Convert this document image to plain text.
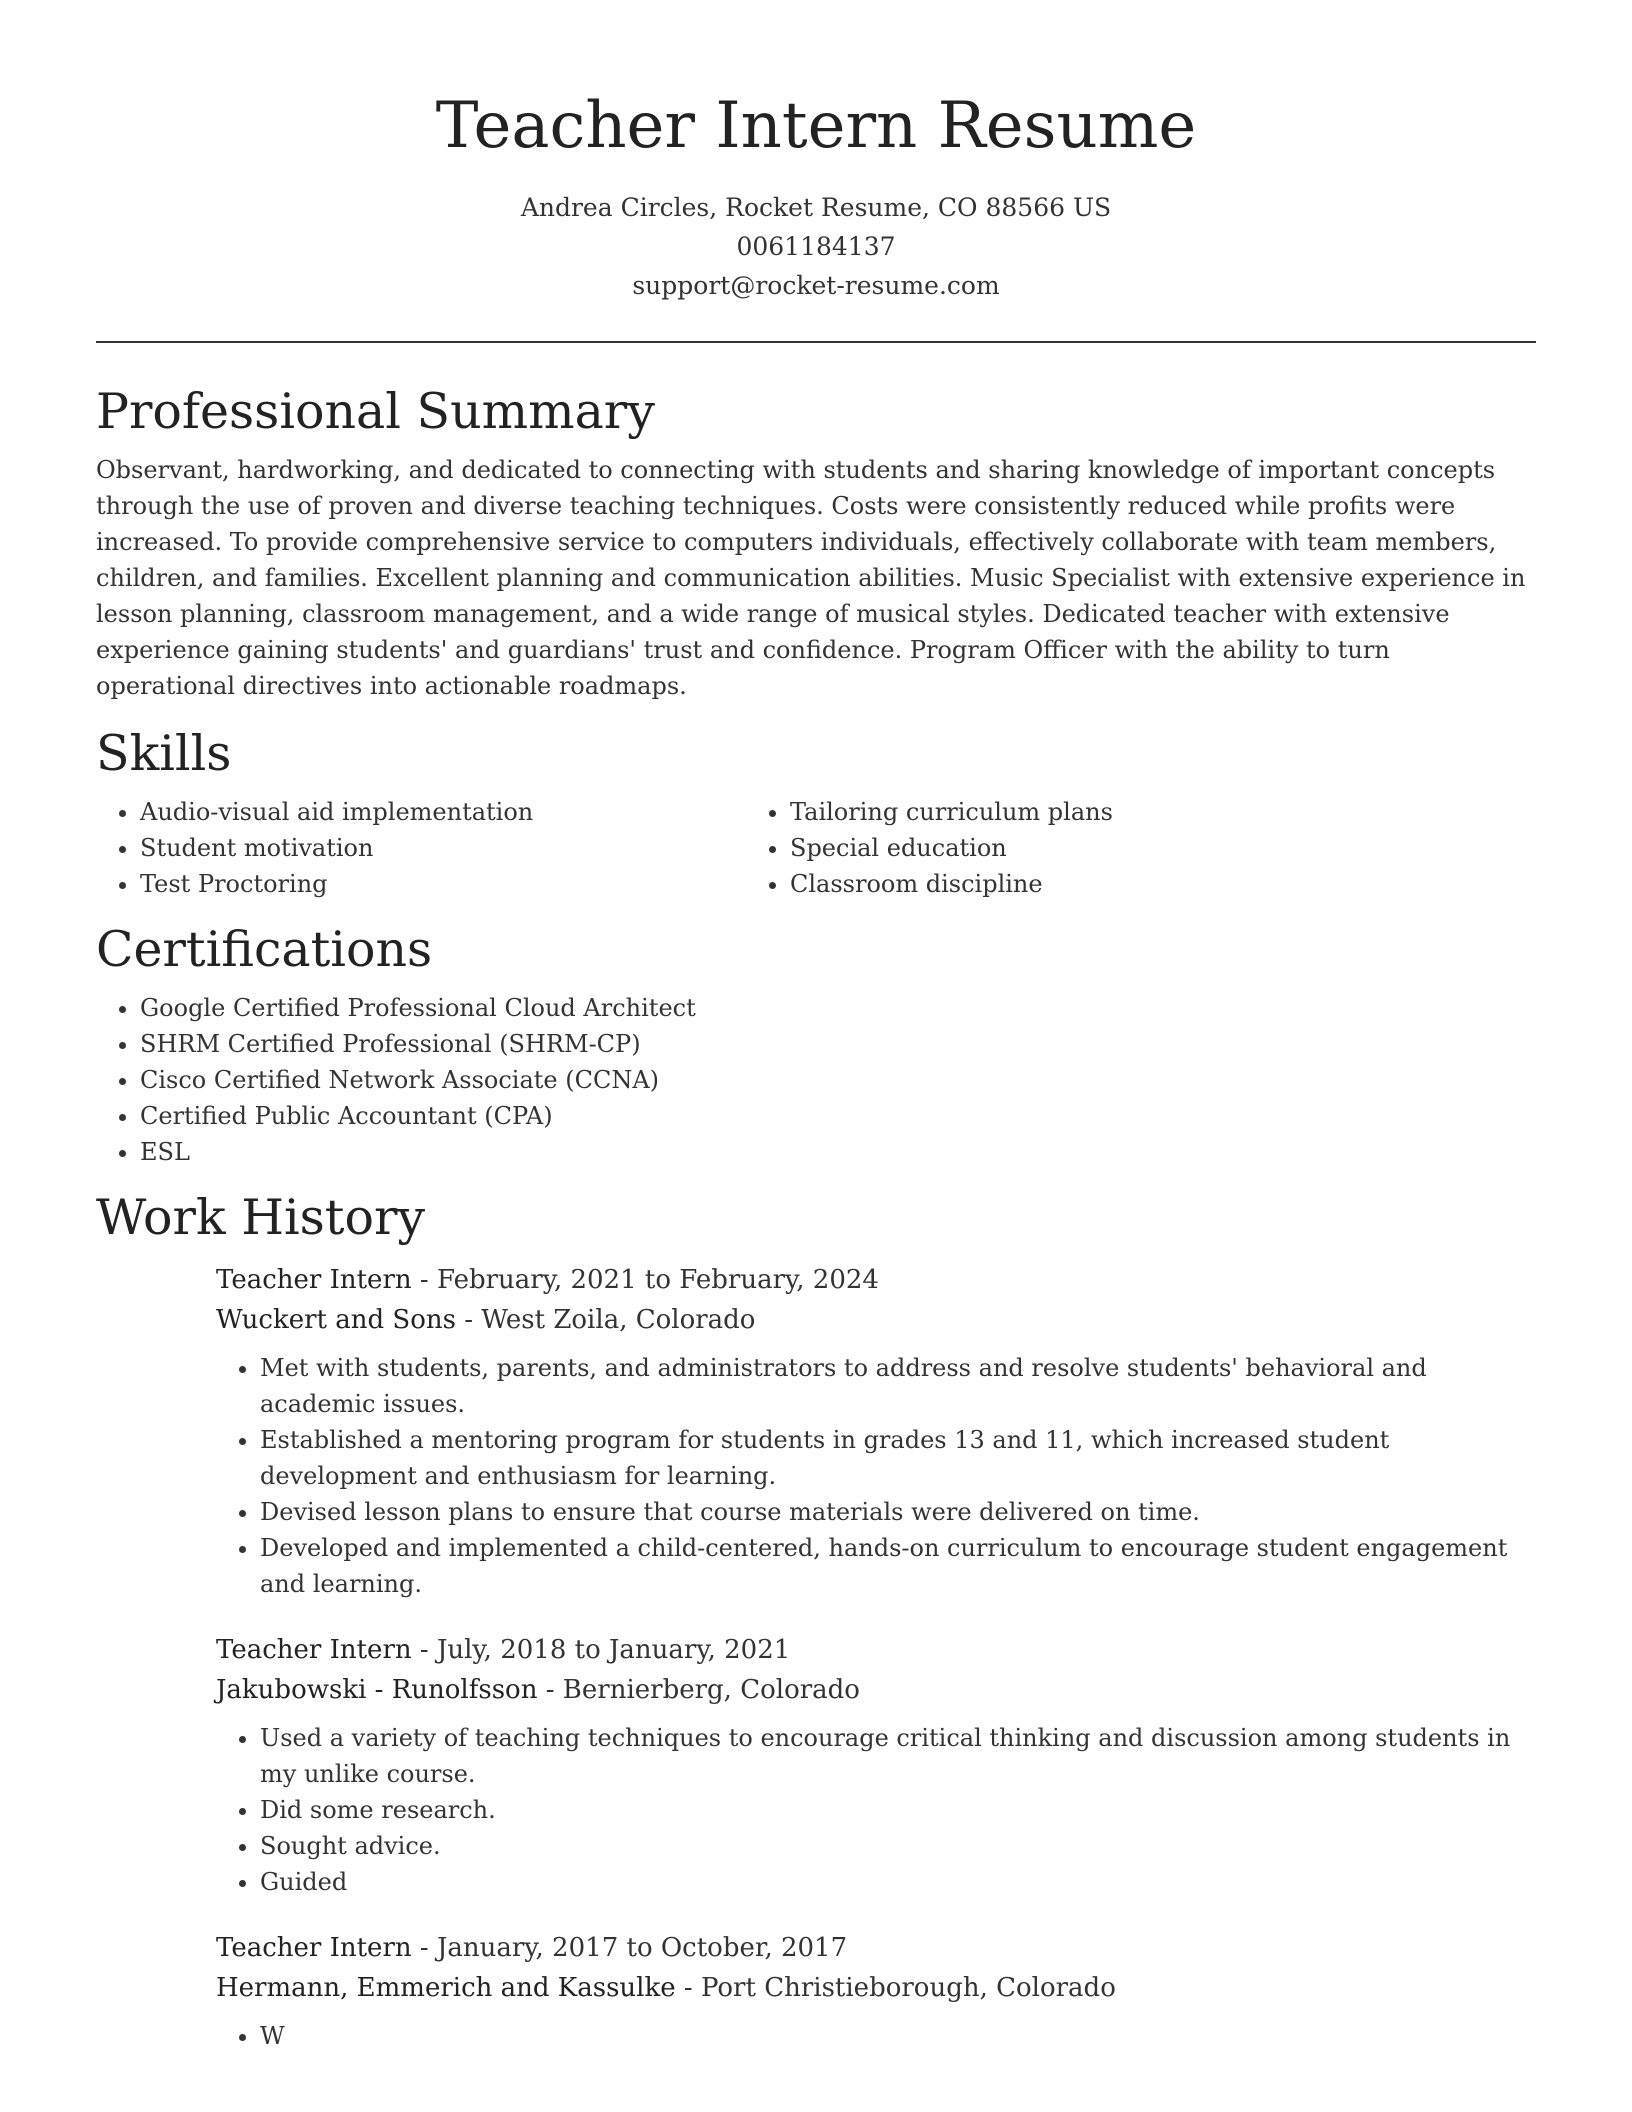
Teacher Intern Resume
Andrea Circles, Rocket Resume, CO 88566 US
0061184137
support@rocket-resume.com
Professional Summary

Observant, hardworking, and dedicated to connecting with students and sharing knowledge of important concepts through the use of proven and diverse teaching techniques. Costs were consistently reduced while profits were increased. To provide comprehensive service to computers individuals, effectively collaborate with team members, children, and families. Excellent planning and communication abilities. Music Specialist with extensive experience in lesson planning, classroom management, and a wide range of musical styles. Dedicated teacher with extensive experience gaining students' and guardians' trust and confidence. Program Officer with the ability to turn operational directives into actionable roadmaps.

Skills
• Audio-visual aid implementation
• Student motivation
• Test Proctoring
• Tailoring curriculum plans
• Special education
• Classroom discipline
Certifications
• Google Certified Professional Cloud Architect
• SHRM Certified Professional (SHRM-CP)
• Cisco Certified Network Associate (CCNA)
• Certified Public Accountant (CPA)
• ESL
Work History
Teacher Intern - February, 2021 to February, 2024
Wuckert and Sons - West Zoila, Colorado
• Met with students, parents, and administrators to address and resolve students' behavioral and academic issues.
• Established a mentoring program for students in grades 13 and 11, which increased student development and enthusiasm for learning.
• Devised lesson plans to ensure that course materials were delivered on time.
• Developed and implemented a child-centered, hands-on curriculum to encourage student engagement and learning.
Teacher Intern - July, 2018 to January, 2021
Jakubowski - Runolfsson - Bernierberg, Colorado
• Used a variety of teaching techniques to encourage critical thinking and discussion among students in my unlike course.
• Did some research.
• Sought advice.
• Guided
Teacher Intern - January, 2017 to October, 2017
Hermann, Emmerich and Kassulke - Port Christieborough, Colorado
• W
